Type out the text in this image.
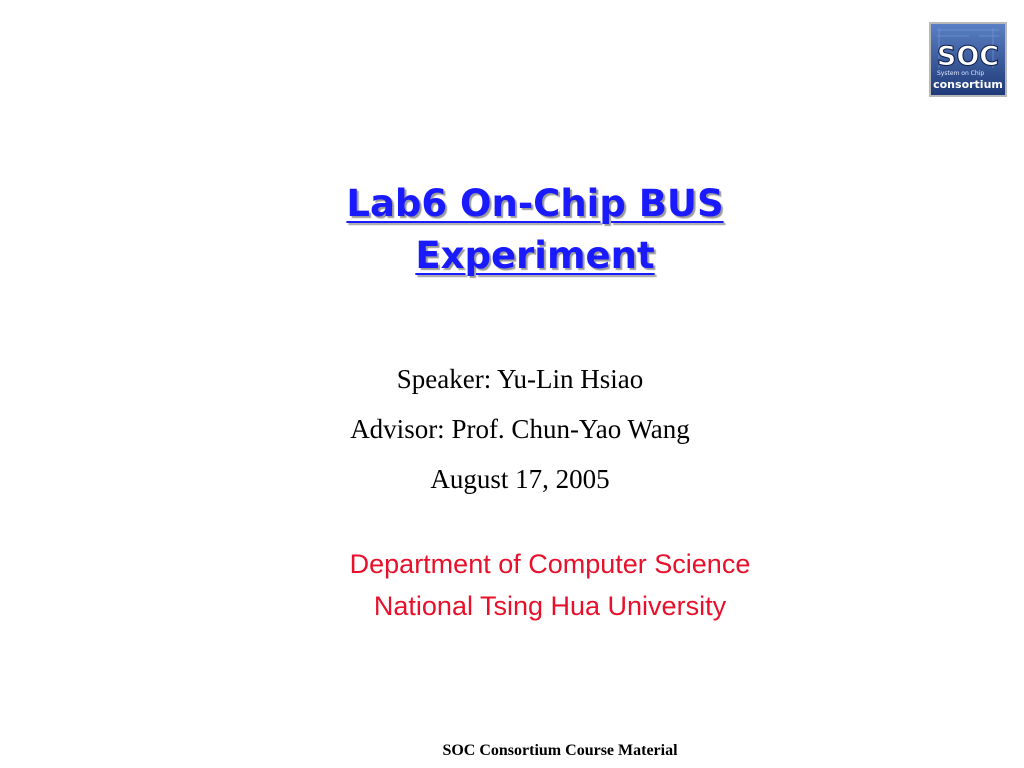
SOC
System on Chip
consortium
Lab6 On-Chip BUS
Experiment
Speaker: Yu-Lin Hsiao
Advisor: Prof. Chun-Yao Wang
August 17, 2005
Department of Computer Science
National Tsing Hua University
SOC Consortium Course Material
